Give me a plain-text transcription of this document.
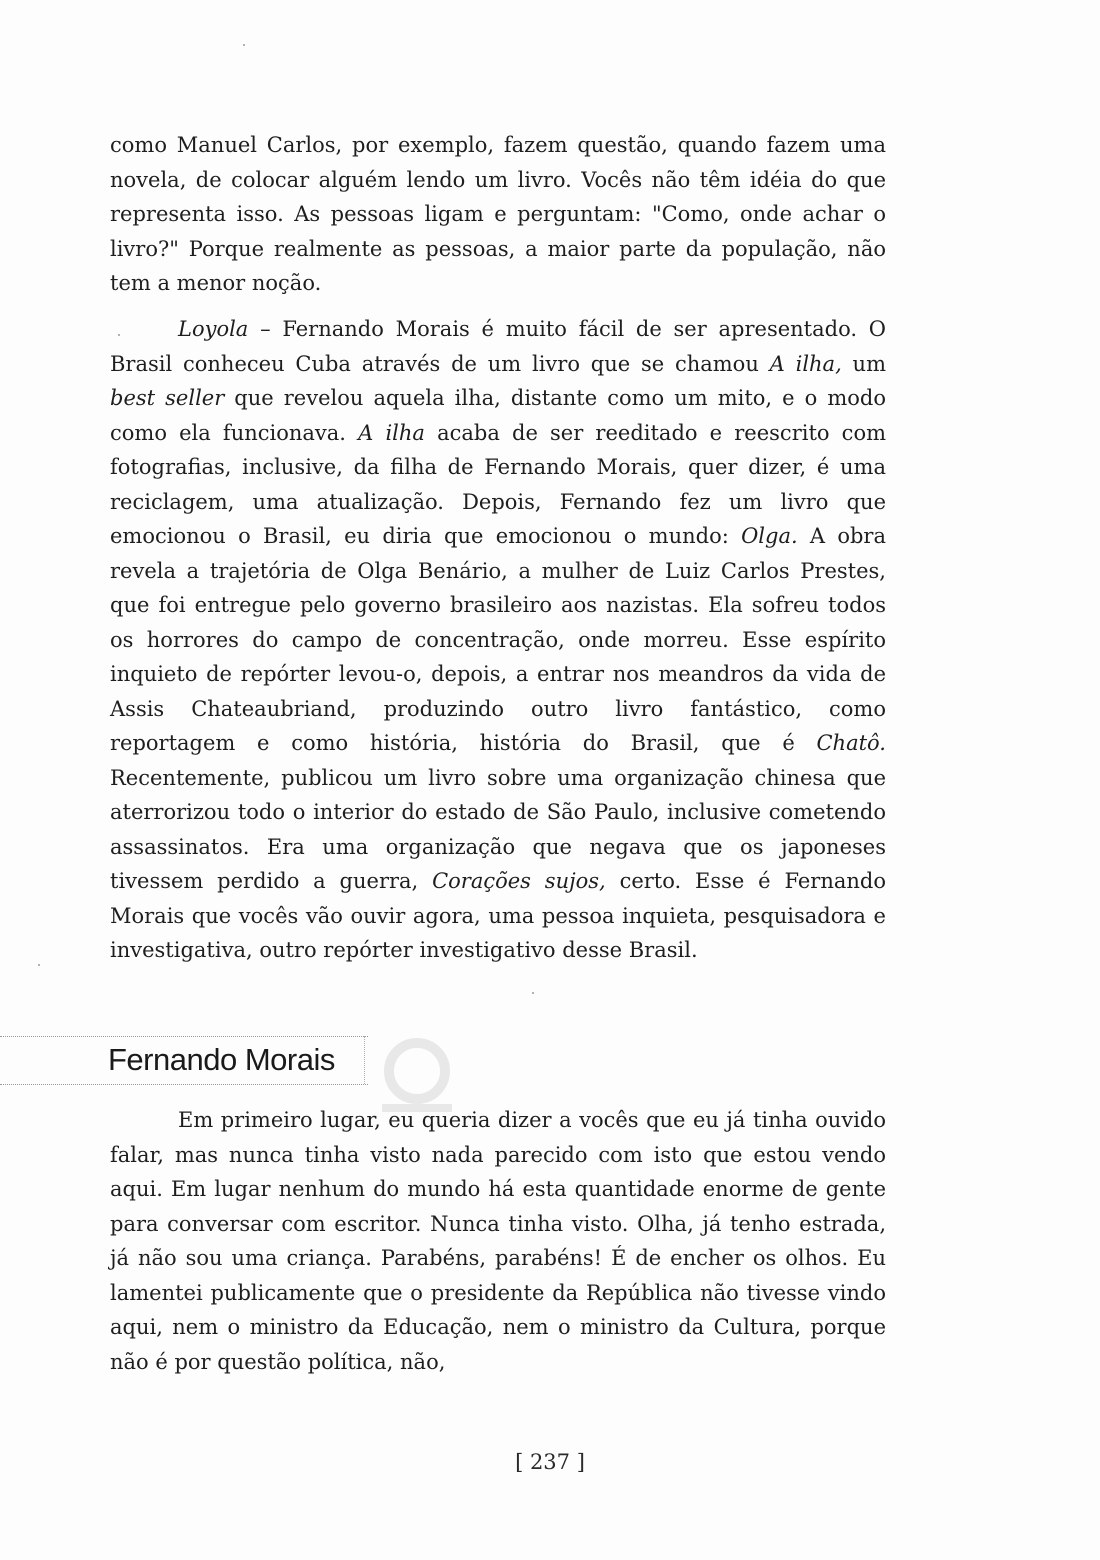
como Manuel Carlos, por exemplo, fazem questão, quando fazem uma novela, de colocar alguém lendo um livro. Vocês não têm idéia do que representa isso. As pessoas ligam e perguntam: "Como, onde achar o livro?" Porque realmente as pessoas, a maior parte da população, não tem a menor noção.

Loyola – Fernando Morais é muito fácil de ser apresentado. O Brasil conheceu Cuba através de um livro que se chamou A ilha, um best seller que revelou aquela ilha, distante como um mito, e o modo como ela funcionava. A ilha acaba de ser reeditado e reescrito com fotografias, inclusive, da filha de Fernando Morais, quer dizer, é uma reciclagem, uma atualização. Depois, Fernando fez um livro que emocionou o Brasil, eu diria que emocionou o mundo: Olga. A obra revela a trajetória de Olga Benário, a mulher de Luiz Carlos Prestes, que foi entregue pelo governo brasileiro aos nazistas. Ela sofreu todos os horrores do campo de concentração, onde morreu. Esse espírito inquieto de repórter levou-o, depois, a entrar nos meandros da vida de Assis Chateaubriand, produzindo outro livro fantástico, como reportagem e como história, história do Brasil, que é Chatô. Recentemente, publicou um livro sobre uma organização chinesa que aterrorizou todo o interior do estado de São Paulo, inclusive cometendo assassinatos. Era uma organização que negava que os japoneses tivessem perdido a guerra, Corações sujos, certo. Esse é Fernando Morais que vocês vão ouvir agora, uma pessoa inquieta, pesquisadora e investigativa, outro repórter investigativo desse Brasil.

Fernando Morais

Em primeiro lugar, eu queria dizer a vocês que eu já tinha ouvido falar, mas nunca tinha visto nada parecido com isto que estou vendo aqui. Em lugar nenhum do mundo há esta quantidade enorme de gente para conversar com escritor. Nunca tinha visto. Olha, já tenho estrada, já não sou uma criança. Parabéns, parabéns! É de encher os olhos. Eu lamentei publicamente que o presidente da República não tivesse vindo aqui, nem o ministro da Educação, nem o ministro da Cultura, porque não é por questão política, não,

[ 237 ]
